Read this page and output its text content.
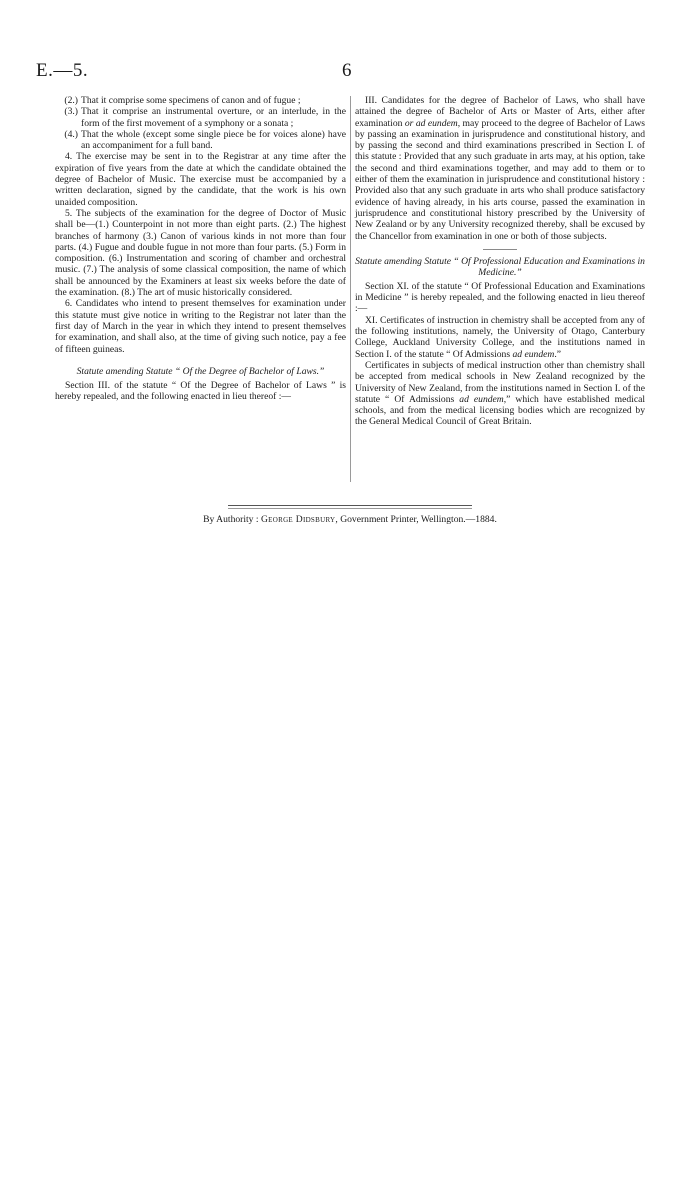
E.—5.	6

(2.) That it comprise some specimens of canon and of fugue ;

(3.) That it comprise an instrumental overture, or an interlude, in the form of the first movement of a symphony or a sonata ;

(4.) That the whole (except some single piece be for voices alone) have an accompaniment for a full band.

4. The exercise may be sent in to the Registrar at any time after the expiration of five years from the date at which the candidate obtained the degree of Bachelor of Music. The exercise must be accompanied by a written declaration, signed by the candidate, that the work is his own unaided composition.

5. The subjects of the examination for the degree of Doctor of Music shall be—(1.) Counterpoint in not more than eight parts. (2.) The highest branches of harmony (3.) Canon of various kinds in not more than four parts. (4.) Fugue and double fugue in not more than four parts. (5.) Form in composition. (6.) Instrumentation and scoring of chamber and orchestral music. (7.) The analysis of some classical composition, the name of which shall be announced by the Examiners at least six weeks before the date of the examination. (8.) The art of music historically considered.

6. Candidates who intend to present themselves for examination under this statute must give notice in writing to the Registrar not later than the first day of March in the year in which they intend to present themselves for examination, and shall also, at the time of giving such notice, pay a fee of fifteen guineas.

Statute amending Statute “ Of the Degree of Bachelor of Laws.”

Section III. of the statute “ Of the Degree of Bachelor of Laws ” is hereby repealed, and the following enacted in lieu thereof :—

III. Candidates for the degree of Bachelor of Laws, who shall have attained the degree of Bachelor of Arts or Master of Arts, either after examination or ad eundem, may proceed to the degree of Bachelor of Laws by passing an examination in jurisprudence and constitutional history, and by passing the second and third examinations prescribed in Section I. of this statute : Provided that any such graduate in arts may, at his option, take the second and third examinations together, and may add to them or to either of them the examination in jurisprudence and constitutional history : Provided also that any such graduate in arts who shall produce satisfactory evidence of having already, in his arts course, passed the examination in jurisprudence and constitutional history prescribed by the University of New Zealand or by any University recognized thereby, shall be excused by the Chancellor from examination in one or both of those subjects.

Statute amending Statute “ Of Professional Education and Examinations in Medicine.”

Section XI. of the statute “ Of Professional Education and Examinations in Medicine ” is hereby repealed, and the following enacted in lieu thereof :—

XI. Certificates of instruction in chemistry shall be accepted from any of the following institutions, namely, the University of Otago, Canterbury College, Auckland University College, and the institutions named in Section I. of the statute “ Of Admissions ad eundem.”

Certificates in subjects of medical instruction other than chemistry shall be accepted from medical schools in New Zealand recognized by the University of New Zealand, from the institutions named in Section I. of the statute “ Of Admissions ad eundem,” which have established medical schools, and from the medical licensing bodies which are recognized by the General Medical Council of Great Britain.

By Authority : George Didsbury, Government Printer, Wellington.—1884.
